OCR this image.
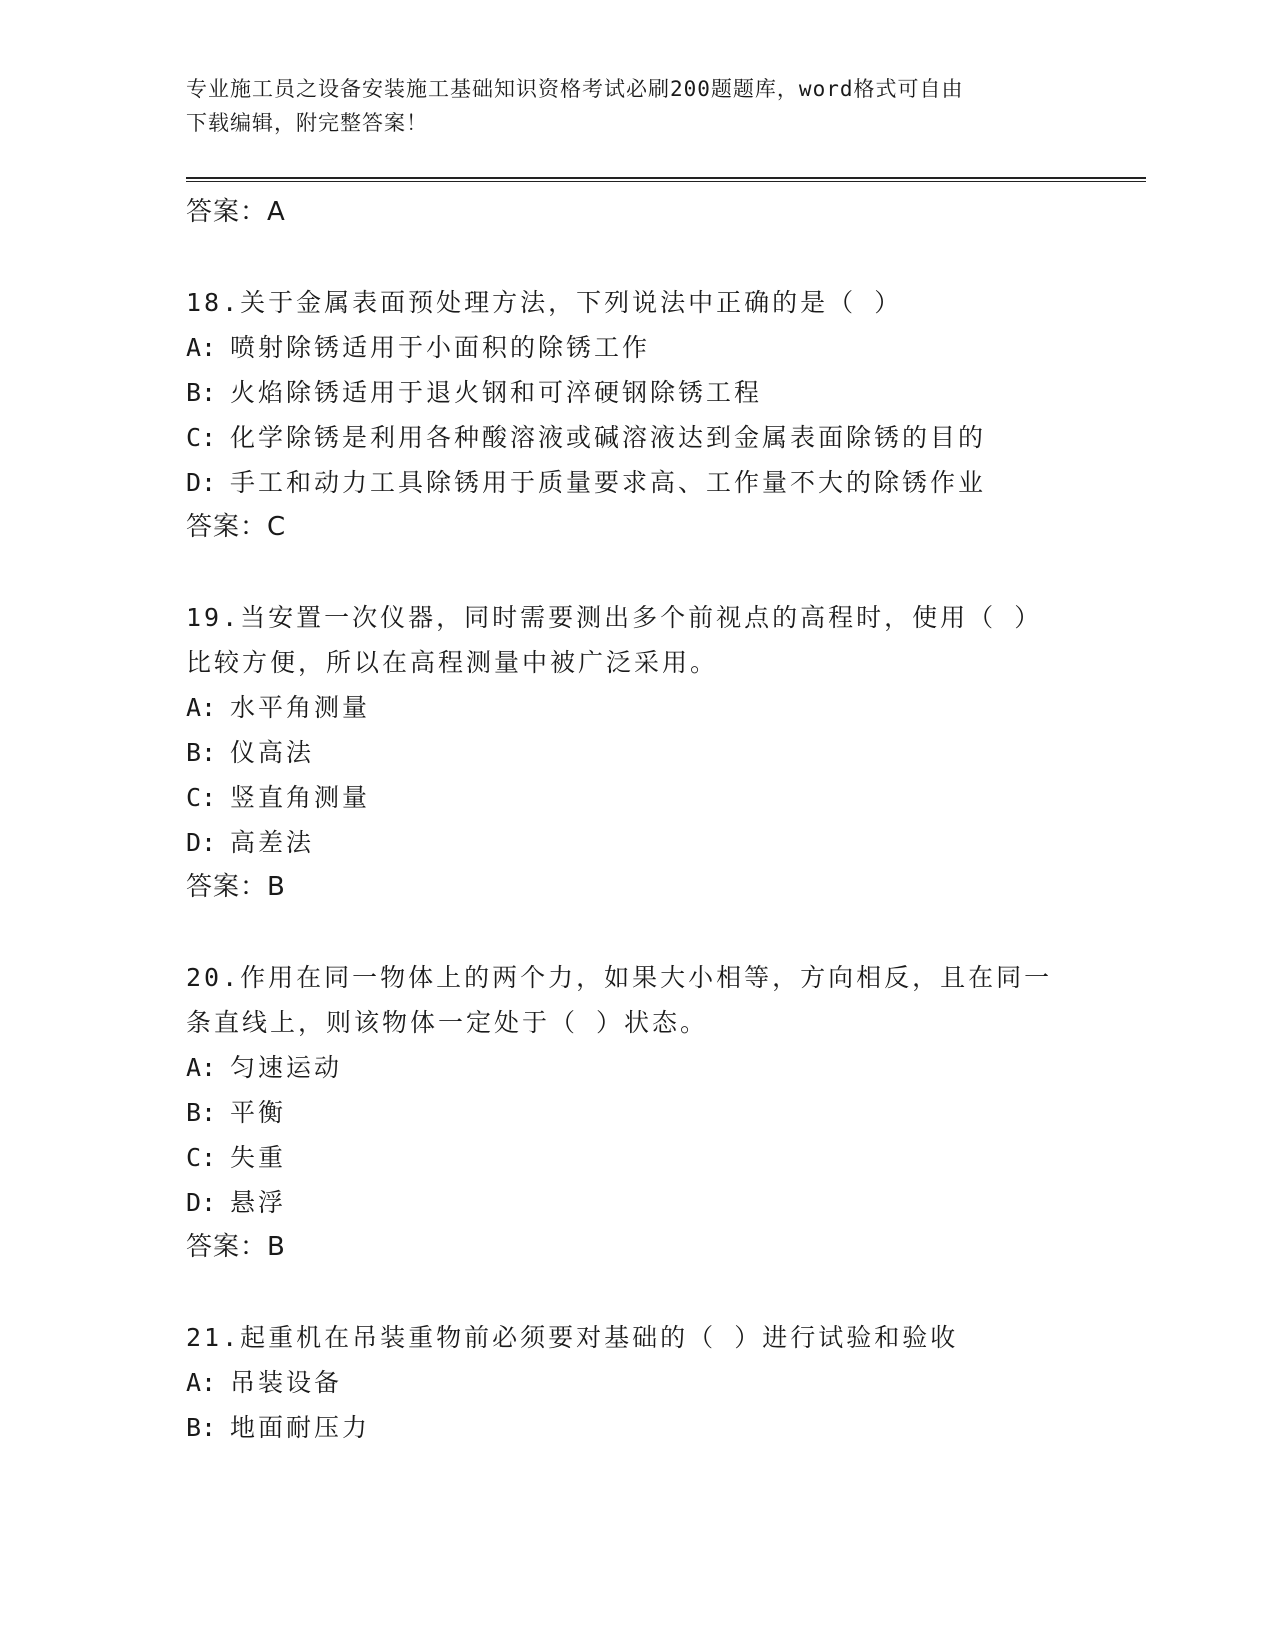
专业施工员之设备安装施工基础知识资格考试必刷200题题库，word格式可自由
下载编辑，附完整答案！
答案：A
18.关于金属表面预处理方法，下列说法中正确的是（ ）
A: 喷射除锈适用于小面积的除锈工作
B: 火焰除锈适用于退火钢和可淬硬钢除锈工程
C: 化学除锈是利用各种酸溶液或碱溶液达到金属表面除锈的目的
D: 手工和动力工具除锈用于质量要求高、工作量不大的除锈作业
答案：C
19.当安置一次仪器，同时需要测出多个前视点的高程时，使用（ ）
比较方便，所以在高程测量中被广泛采用。
A: 水平角测量
B: 仪高法
C: 竖直角测量
D: 高差法
答案：B
20.作用在同一物体上的两个力，如果大小相等，方向相反，且在同一
条直线上，则该物体一定处于（ ）状态。
A: 匀速运动
B: 平衡
C: 失重
D: 悬浮
答案：B
21.起重机在吊装重物前必须要对基础的（ ）进行试验和验收
A: 吊装设备
B: 地面耐压力
